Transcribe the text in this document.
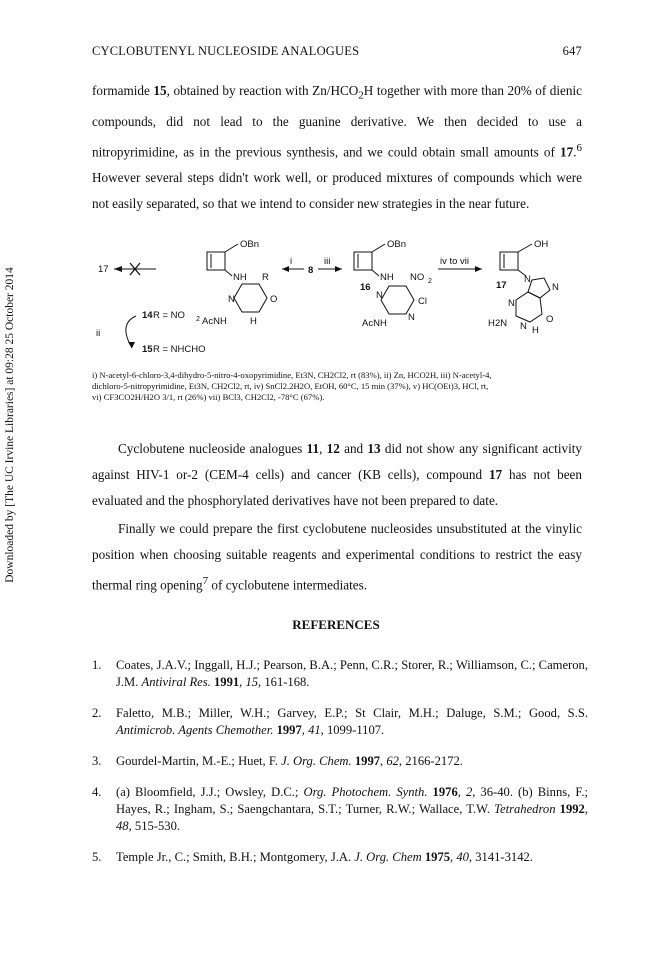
Downloaded by [The UC Irvine Libraries] at 09:28 25 October 2014
CYCLOBUTENYL NUCLEOSIDE ANALOGUES	647

formamide 15, obtained by reaction with $Zn/HCO_2H$ together with more than 20% of dienic compounds, did not lead to the guanine derivative. We then decided to use a nitropyrimidine, as in the previous synthesis, and we could obtain small amounts of 17.$^6$ However several steps didn't work well, or produced mixtures of compounds which were not easily separated, so that we intend to consider new strategies in the near future.

17
OBn
NH R
N	O
AcNH H
i
8
iii
OBn
NH NO 2
16
N
Cl
N
AcNH
iv to vii
OH
N
17	N
N
O
H 2N N H
ii
14 R = NO 2
15 R = NHCHO
i) N-acetyl-6-chloro-3,4-dihydro-5-nitro-4-oxopyrimidine, Et3N, CH2Cl2, rt (83%), ii) Zn, HCO2H, iii) N-acetyl-4,
dichloro-5-nitropyrimidine, Et3N, CH2Cl2, rt, iv) SnCl2.2H2O, EtOH, 60°C, 15 min (37%), v) HC(OEt)3, HCl, rt,
vi) CF3CO2H/H2O 3/1, rt (26%) vii) BCl3, CH2Cl2, -78°C (67%).

Cyclobutene nucleoside analogues 11, 12 and 13 did not show any significant activity against HIV-1 or-2 (CEM-4 cells) and cancer (KB cells), compound 17 has not been evaluated and the phosphorylated derivatives have not been prepared to date.

Finally we could prepare the first cyclobutene nucleosides unsubstituted at the vinylic position when choosing suitable reagents and experimental conditions to restrict the easy thermal ring opening$^7$ of cyclobutene intermediates.

REFERENCES
1. Coates, J.A.V.; Inggall, H.J.; Pearson, B.A.; Penn, C.R.; Storer, R.; Williamson, C.; Cameron, J.M. Antiviral Res. 1991, 15, 161-168.
2. Faletto, M.B.; Miller, W.H.; Garvey, E.P.; St Clair, M.H.; Daluge, S.M.; Good, S.S. Antimicrob. Agents Chemother. 1997, 41, 1099-1107.
3. Gourdel-Martin, M.-E.; Huet, F. J. Org. Chem. 1997, 62, 2166-2172.
4. (a) Bloomfield, J.J.; Owsley, D.C.; Org. Photochem. Synth. 1976, 2, 36-40. (b) Binns, F.; Hayes, R.; Ingham, S.; Saengchantara, S.T.; Turner, R.W.; Wallace, T.W. Tetrahedron 1992, 48, 515-530.
5. Temple Jr., C.; Smith, B.H.; Montgomery, J.A. J. Org. Chem 1975, 40, 3141-3142.
